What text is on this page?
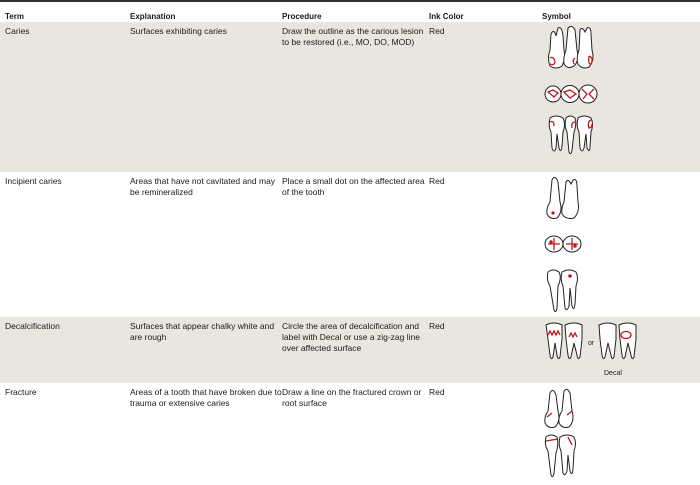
Term	Explanation	Procedure	Ink Color	Symbol
Caries	Surfaces exhibiting caries	Draw the outline as the carious lesion to be restored (i.e., MO, DO, MOD)	Red	

Incipient caries	Areas that have not cavitated and may be remineralized	Place a small dot on the affected area of the tooth	Red	

Decalcification	Surfaces that appear chalky white and are rough	Circle the area of decalcification and label with Decal or use a zig-zag line over affected surface	Red	or
Decal

Fracture	Areas of a tooth that have broken due to trauma or extensive caries	Draw a line on the fractured crown or root surface	Red	
